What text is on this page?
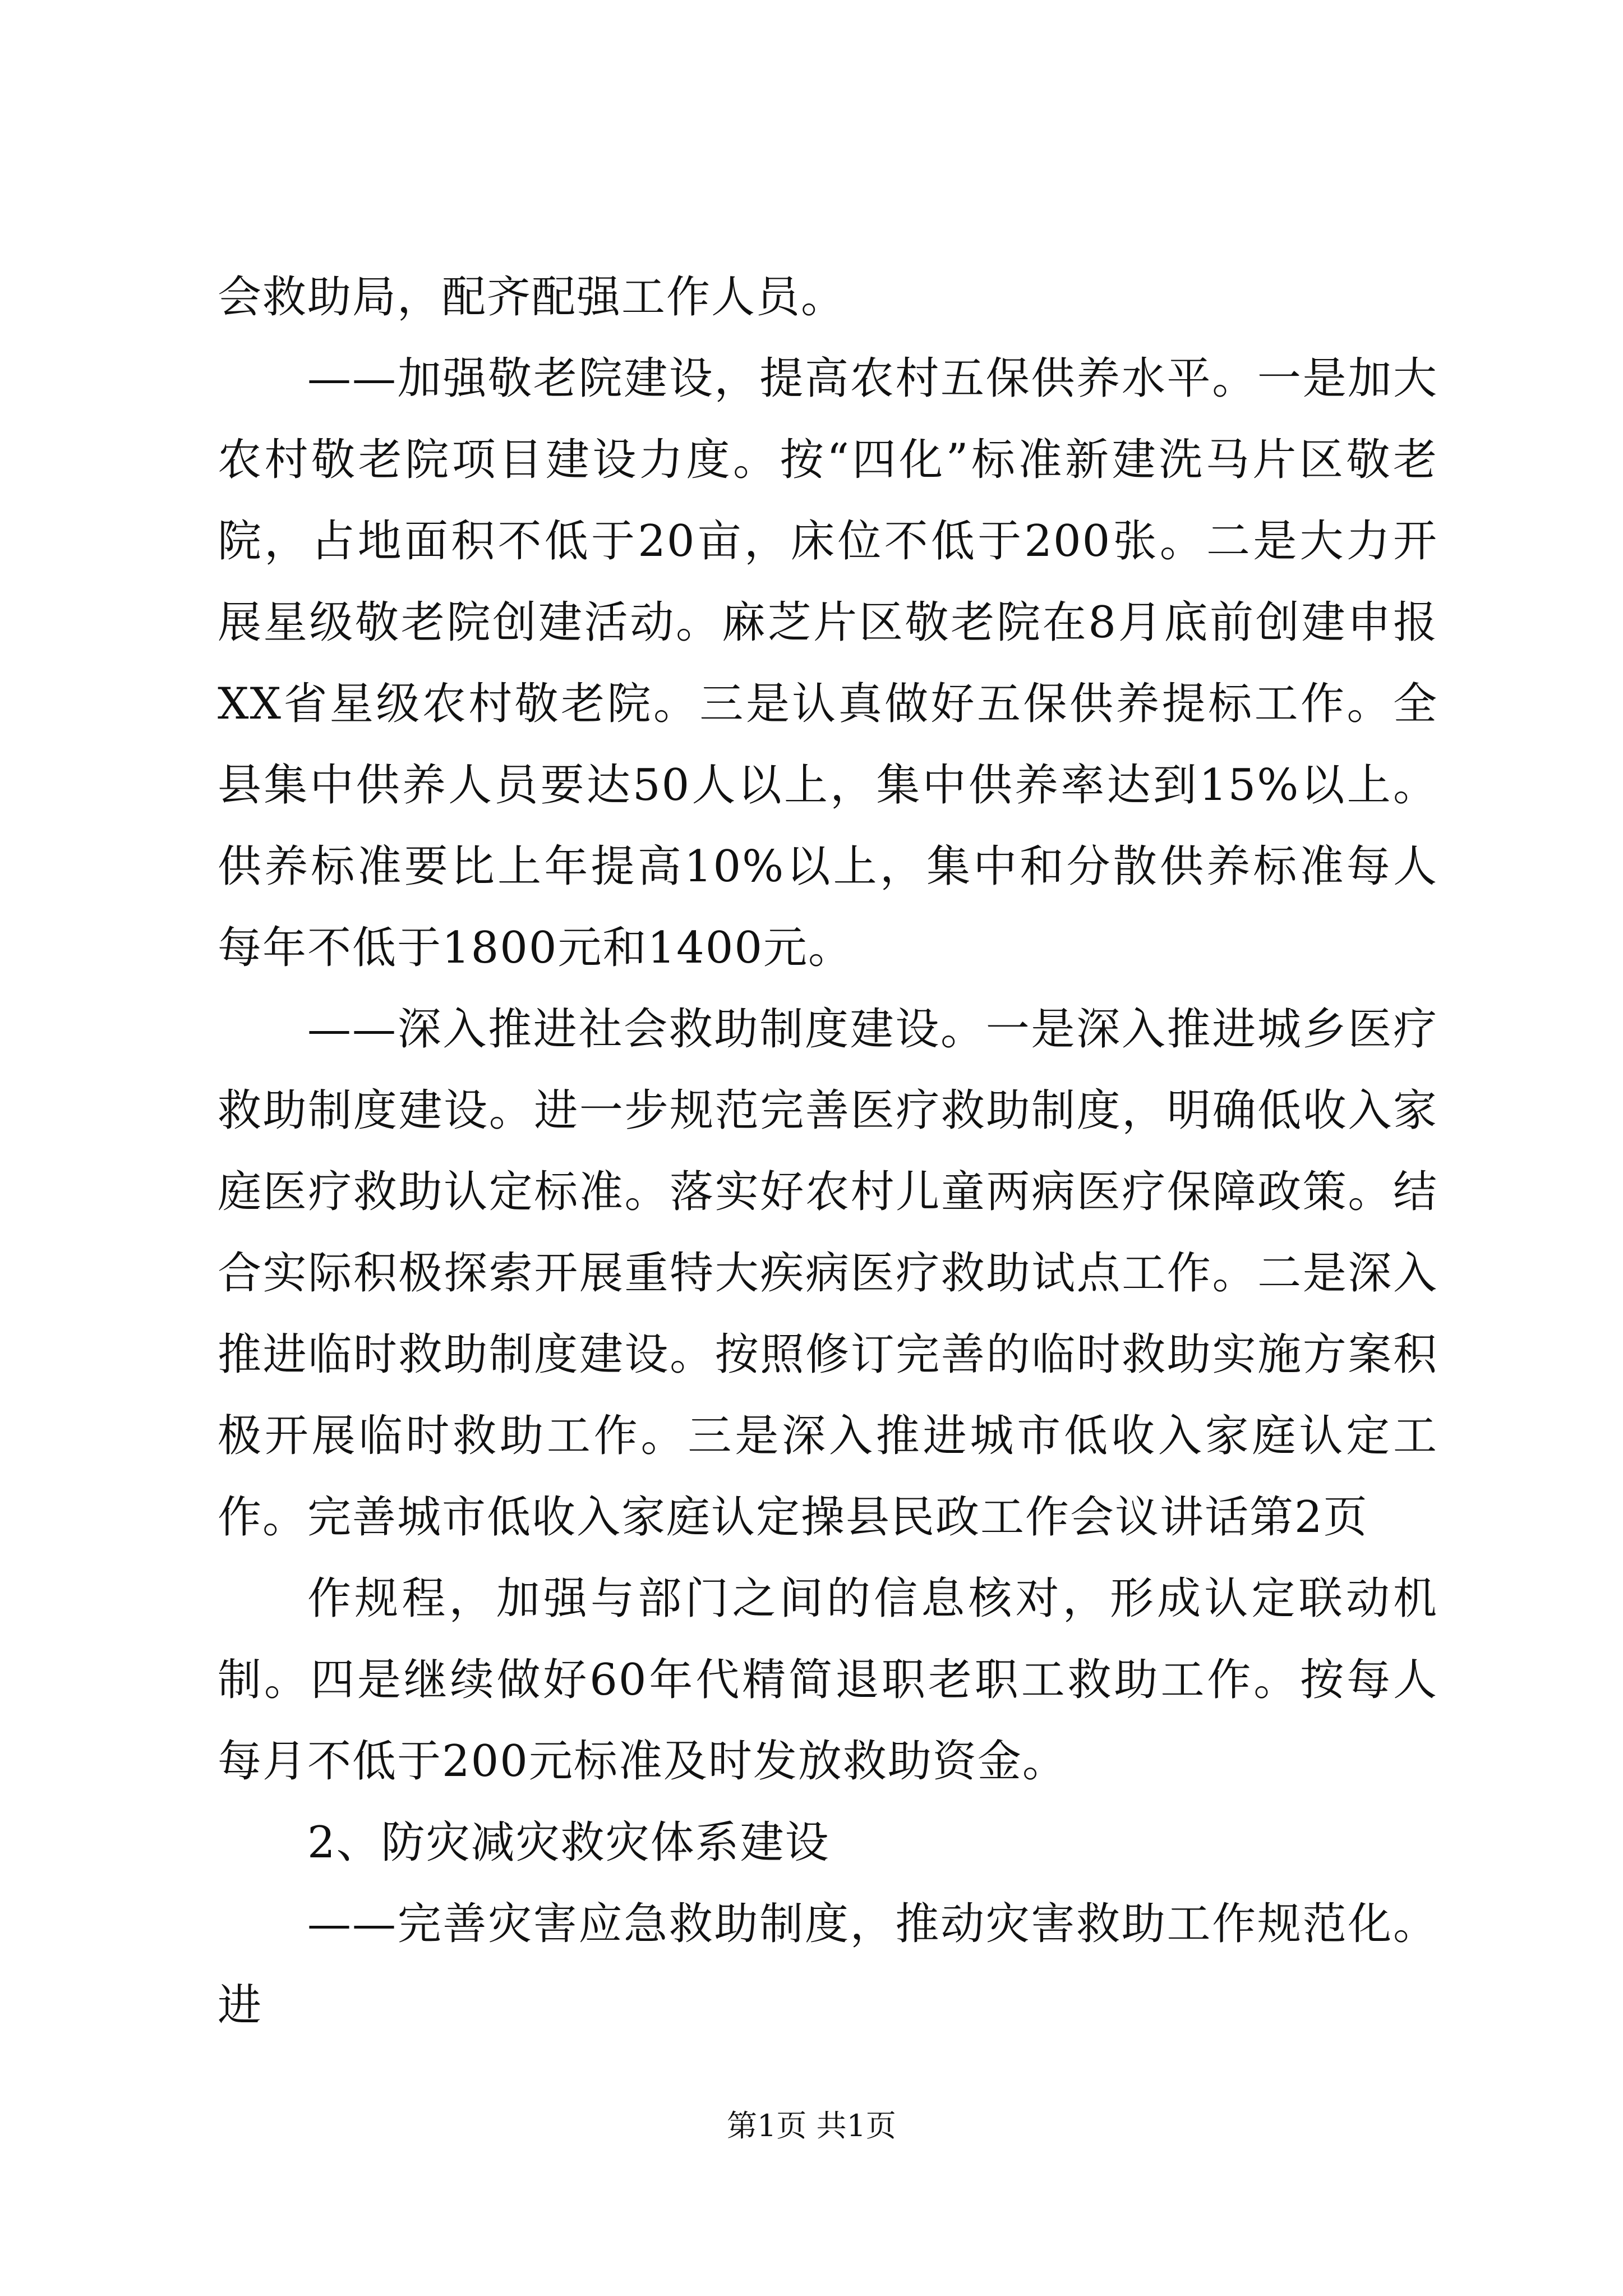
会救助局，配齐配强工作人员。

——加强敬老院建设，提高农村五保供养水平。一是加大农村敬老院项目建设力度。按“四化”标准新建洗马片区敬老院，占地面积不低于20亩，床位不低于200张。二是大力开展星级敬老院创建活动。麻芝片区敬老院在8月底前创建申报XX省星级农村敬老院。三是认真做好五保供养提标工作。全县集中供养人员要达50人以上，集中供养率达到15%以上。供养标准要比上年提高10%以上，集中和分散供养标准每人每年不低于1800元和1400元。

——深入推进社会救助制度建设。一是深入推进城乡医疗救助制度建设。进一步规范完善医疗救助制度，明确低收入家庭医疗救助认定标准。落实好农村儿童两病医疗保障政策。结合实际积极探索开展重特大疾病医疗救助试点工作。二是深入推进临时救助制度建设。按照修订完善的临时救助实施方案积极开展临时救助工作。三是深入推进城市低收入家庭认定工作。完善城市低收入家庭认定操县民政工作会议讲话第2页

作规程，加强与部门之间的信息核对，形成认定联动机制。四是继续做好60年代精简退职老职工救助工作。按每人每月不低于200元标准及时发放救助资金。

2、防灾减灾救灾体系建设

——完善灾害应急救助制度，推动灾害救助工作规范化。进

第1页 共1页
